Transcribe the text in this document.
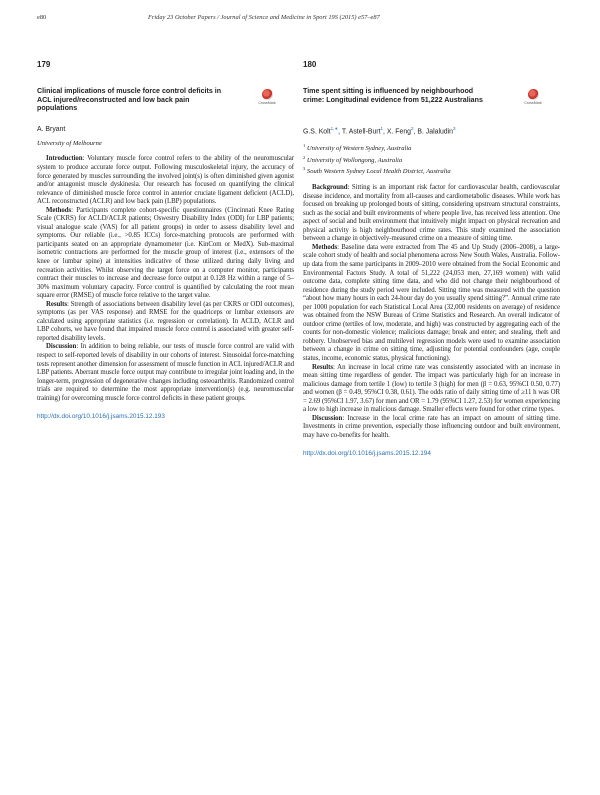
e80	Friday 23 October Papers / Journal of Science and Medicine in Sport 19S (2015) e57–e87
179
Clinical implications of muscle force control deficits in ACL injured/reconstructed and low back pain populations
CrossMark
A. Bryant
University of Melbourne

Introduction: Voluntary muscle force control refers to the ability of the neuromuscular system to produce accurate force output. Following musculoskeletal injury, the accuracy of force generated by muscles surrounding the involved joint(s) is often diminished given agonist and/or antagonist muscle dyskinesia. Our research has focused on quantifying the clinical relevance of diminished muscle force control in anterior cruciate ligament deficient (ACLD), ACL reconstructed (ACLR) and low back pain (LBP) populations.

Methods: Participants complete cohort-specific questionnaires (Cincinnati Knee Rating Scale (CKRS) for ACLD/ACLR patients; Oswestry Disability Index (ODI) for LBP patients; visual analogue scale (VAS) for all patient groups) in order to assess disability level and symptoms. Our reliable (i.e., >0.85 ICCs) force-matching protocols are performed with participants seated on an appropriate dynamometer (i.e. KinCom or MedX). Sub-maximal isometric contractions are performed for the muscle group of interest (i.e., extensors of the knee or lumbar spine) at intensities indicative of those utilized during daily living and recreation activities. Whilst observing the target force on a computer monitor, participants contract their muscles to increase and decrease force output at 0.128 Hz within a range of 5–30% maximum voluntary capacity. Force control is quantified by calculating the root mean square error (RMSE) of muscle force relative to the target value.

Results: Strength of associations between disability level (as per CKRS or ODI outcomes), symptoms (as per VAS response) and RMSE for the quadriceps or lumbar extensors are calculated using appropriate statistics (i.e. regression or correlation). In ACLD, ACLR and LBP cohorts, we have found that impaired muscle force control is associated with greater self-reported disability levels.

Discussion: In addition to being reliable, our tests of muscle force control are valid with respect to self-reported levels of disability in our cohorts of interest. Sinusoidal force-matching tests represent another dimension for assessment of muscle function in ACL injured/ACLR and LBP patients. Aberrant muscle force output may contribute to irregular joint loading and, in the longer-term, progression of degenerative changes including osteoarthritis. Randomized control trials are required to determine the most appropriate intervention(s) (e.g. neuromuscular training) for overcoming muscle force control deficits in these patient groups.

http://dx.doi.org/10.1016/j.jsams.2015.12.193
180
Time spent sitting is influenced by neighbourhood crime: Longitudinal evidence from 51,222 Australians	CrossMark
G.S. Kolt$^{1,∗}$, T. Astell-Burt$^1$, X. Feng$^2$, B. Jalaludin$^3$
$^1$ University of Western Sydney, Australia
$^2$ University of Wollongong, Australia
$^3$ South Western Sydney Local Health District, Australia

Background: Sitting is an important risk factor for cardiovascular health, cardiovascular disease incidence, and mortality from all-causes and cardiometabolic diseases. While work has focused on breaking up prolonged bouts of sitting, considering upstream structural constraints, such as the social and built environments of where people live, has received less attention. One aspect of social and built environment that intuitively might impact on physical recreation and physical activity is high neighbourhood crime rates. This study examined the association between a change in objectively-measured crime on a measure of sitting time.

Methods: Baseline data were extracted from The 45 and Up Study (2006–2008), a large-scale cohort study of health and social phenomena across New South Wales, Australia. Follow-up data from the same participants in 2009–2010 were obtained from the Social Economic and Environmental Factors Study. A total of 51,222 (24,053 men, 27,169 women) with valid outcome data, complete sitting time data, and who did not change their neighbourhood of residence during the study period were included. Sitting time was measured with the question “about how many hours in each 24-hour day do you usually spend sitting?”. Annual crime rate per 1000 population for each Statistical Local Area (32,000 residents on average) of residence was obtained from the NSW Bureau of Crime Statistics and Research. An overall indicator of outdoor crime (tertiles of low, moderate, and high) was constructed by aggregating each of the counts for non-domestic violence; malicious damage; break and enter; and stealing, theft and robbery. Unobserved bias and multilevel regression models were used to examine association between a change in crime on sitting time, adjusting for potential confounders (age, couple status, income, economic status, physical functioning).

Results: An increase in local crime rate was consistently associated with an increase in mean sitting time regardless of gender. The impact was particularly high for an increase in malicious damage from tertile 1 (low) to tertile 3 (high) for men (β = 0.63, 95%CI 0.50, 0.77) and women (β = 0.49, 95%CI 0.38, 0.61). The odds ratio of daily sitting time of ≥11 h was OR = 2.69 (95%CI 1.97, 3.67) for men and OR = 1.79 (95%CI 1.27, 2.53) for women experiencing a low to high increase in malicious damage. Smaller effects were found for other crime types.

Discussion: Increase in the local crime rate has an impact on amount of sitting time. Investments in crime prevention, especially those influencing outdoor and built environment, may have co-benefits for health.

http://dx.doi.org/10.1016/j.jsams.2015.12.194
